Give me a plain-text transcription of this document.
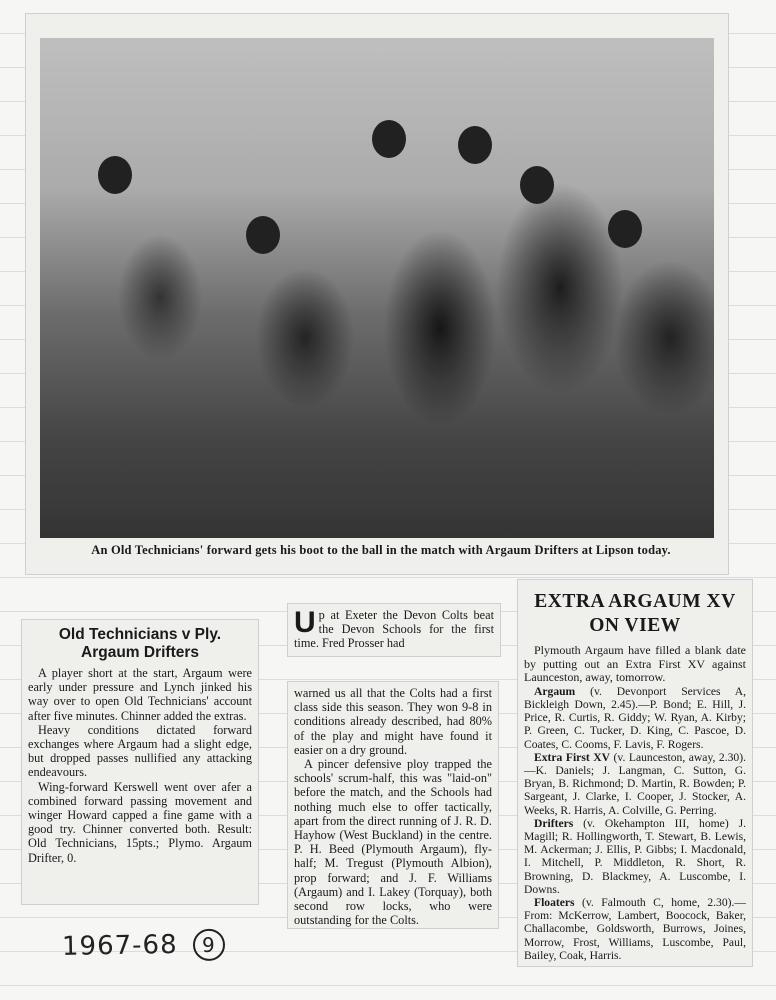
An Old Technicians' forward gets his boot to the ball in the match with Argaum Drifters at Lipson today.
Old Technicians v Ply. Argaum Drifters

A player short at the start, Argaum were early under pressure and Lynch jinked his way over to open Old Technicians' account after five minutes. Chinner added the extras.

Heavy conditions dictated forward exchanges where Argaum had a slight edge, but dropped passes nullified any attacking endeavours.

Wing-forward Kerswell went over afer a combined forward passing movement and winger Howard capped a fine game with a good try. Chinner converted both. Result: Old Technicians, 15pts.; Plymo. Argaum Drifter, 0.

Up at Exeter the Devon Colts beat the Devon Schools for the first time. Fred Prosser had

warned us all that the Colts had a first class side this season. They won 9-8 in conditions already described, had 80% of the play and might have found it easier on a dry ground.

A pincer defensive ploy trapped the schools' scrum-half, this was "laid-on" before the match, and the Schools had nothing much else to offer tactically, apart from the direct running of J. R. D. Hayhow (West Buckland) in the centre. P. H. Beed (Plymouth Argaum), fly-half; M. Tregust (Plymouth Albion), prop forward; and J. F. Williams (Argaum) and I. Lakey (Torquay), both second row locks, who were outstanding for the Colts.

EXTRA ARGAUM XV ON VIEW
Plymouth Argaum have filled a blank date by putting out an Extra First XV against Launceston, away, tomorrow.

Argaum (v. Devonport Services A, Bickleigh Down, 2.45).—P. Bond; E. Hill, J. Price, R. Curtis, R. Giddy; W. Ryan, A. Kirby; P. Green, C. Tucker, D. King, C. Pascoe, D. Coates, C. Cooms, F. Lavis, F. Rogers.

Extra First XV (v. Launceston, away, 2.30).—K. Daniels; J. Langman, C. Sutton, G. Bryan, B. Richmond; D. Martin, R. Bowden; P. Sargeant, J. Clarke, I. Cooper, J. Stocker, A. Weeks, R. Harris, A. Colville, G. Perring.

Drifters (v. Okehampton III, home) J. Magill; R. Hollingworth, T. Stewart, B. Lewis, M. Ackerman; J. Ellis, P. Gibbs; I. Macdonald, I. Mitchell, P. Middleton, R. Short, R. Browning, D. Blackmey, A. Luscombe, I. Downs.

Floaters (v. Falmouth C, home, 2.30).—From: McKerrow, Lambert, Boocock, Baker, Challacombe, Goldsworth, Burrows, Joines, Morrow, Frost, Williams, Luscombe, Paul, Bailey, Coak, Harris.

1967-68 9
